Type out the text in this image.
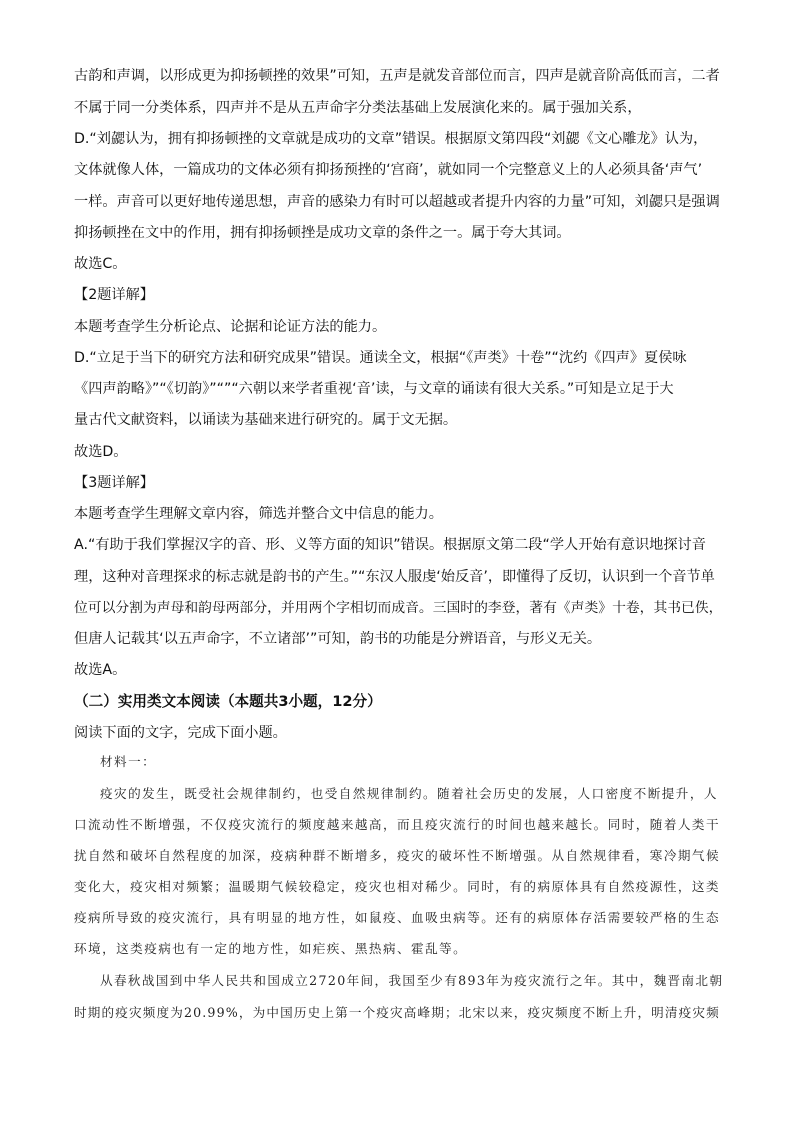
古韵和声调，以形成更为抑扬顿挫的效果”可知，五声是就发音部位而言，四声是就音阶高低而言，二者

不属于同一分类体系，四声并不是从五声命字分类法基础上发展演化来的。属于强加关系，

D.“刘勰认为，拥有抑扬顿挫的文章就是成功的文章”错误。根据原文第四段“刘勰《文心雕龙》认为，

文体就像人体，一篇成功的文体必须有抑扬预挫的‘宫商’，就如同一个完整意义上的人必须具备‘声气’

一样。声音可以更好地传递思想，声音的感染力有时可以超越或者提升内容的力量”可知，刘勰只是强调

抑扬顿挫在文中的作用，拥有抑扬顿挫是成功文章的条件之一。属于夸大其词。

故选C。

【2题详解】

本题考查学生分析论点、论据和论证方法的能力。

D.“立足于当下的研究方法和研究成果”错误。通读全文，根据“《声类》十卷”“沈约《四声》夏侯咏

《四声韵略》”“《切韵》”“”“六朝以来学者重视‘音’读，与文章的诵读有很大关系。”可知是立足于大

量古代文献资料，以诵读为基础来进行研究的。属于文无据。

故选D。

【3题详解】

本题考查学生理解文章内容，筛选并整合文中信息的能力。

A.“有助于我们掌握汉字的音、形、义等方面的知识”错误。根据原文第二段“学人开始有意识地探讨音

理，这种对音理探求的标志就是韵书的产生。”“东汉人服虔‘始反音’，即懂得了反切，认识到一个音节单

位可以分割为声母和韵母两部分，并用两个字相切而成音。三国时的李登，著有《声类》十卷，其书已佚，

但唐人记载其‘以五声命字，不立诸部’”可知，韵书的功能是分辨语音，与形义无关。

故选A。

（二）实用类文本阅读（本题共3小题，12分）

阅读下面的文字，完成下面小题。

材料一：

疫灾的发生，既受社会规律制约，也受自然规律制约。随着社会历史的发展，人口密度不断提升，人

口流动性不断增强，不仅疫灾流行的频度越来越高，而且疫灾流行的时间也越来越长。同时，随着人类干

扰自然和破坏自然程度的加深，疫病种群不断增多，疫灾的破坏性不断增强。从自然规律看，寒冷期气候

变化大，疫灾相对频繁；温暖期气候较稳定，疫灾也相对稀少。同时，有的病原体具有自然疫源性，这类

疫病所导致的疫灾流行，具有明显的地方性，如鼠疫、血吸虫病等。还有的病原体存活需要较严格的生态

环境，这类疫病也有一定的地方性，如疟疾、黑热病、霍乱等。

从春秋战国到中华人民共和国成立2720年间，我国至少有893年为疫灾流行之年。其中，魏晋南北朝

时期的疫灾频度为20.99%，为中国历史上第一个疫灾高峰期；北宋以来，疫灾频度不断上升，明清疫灾频
